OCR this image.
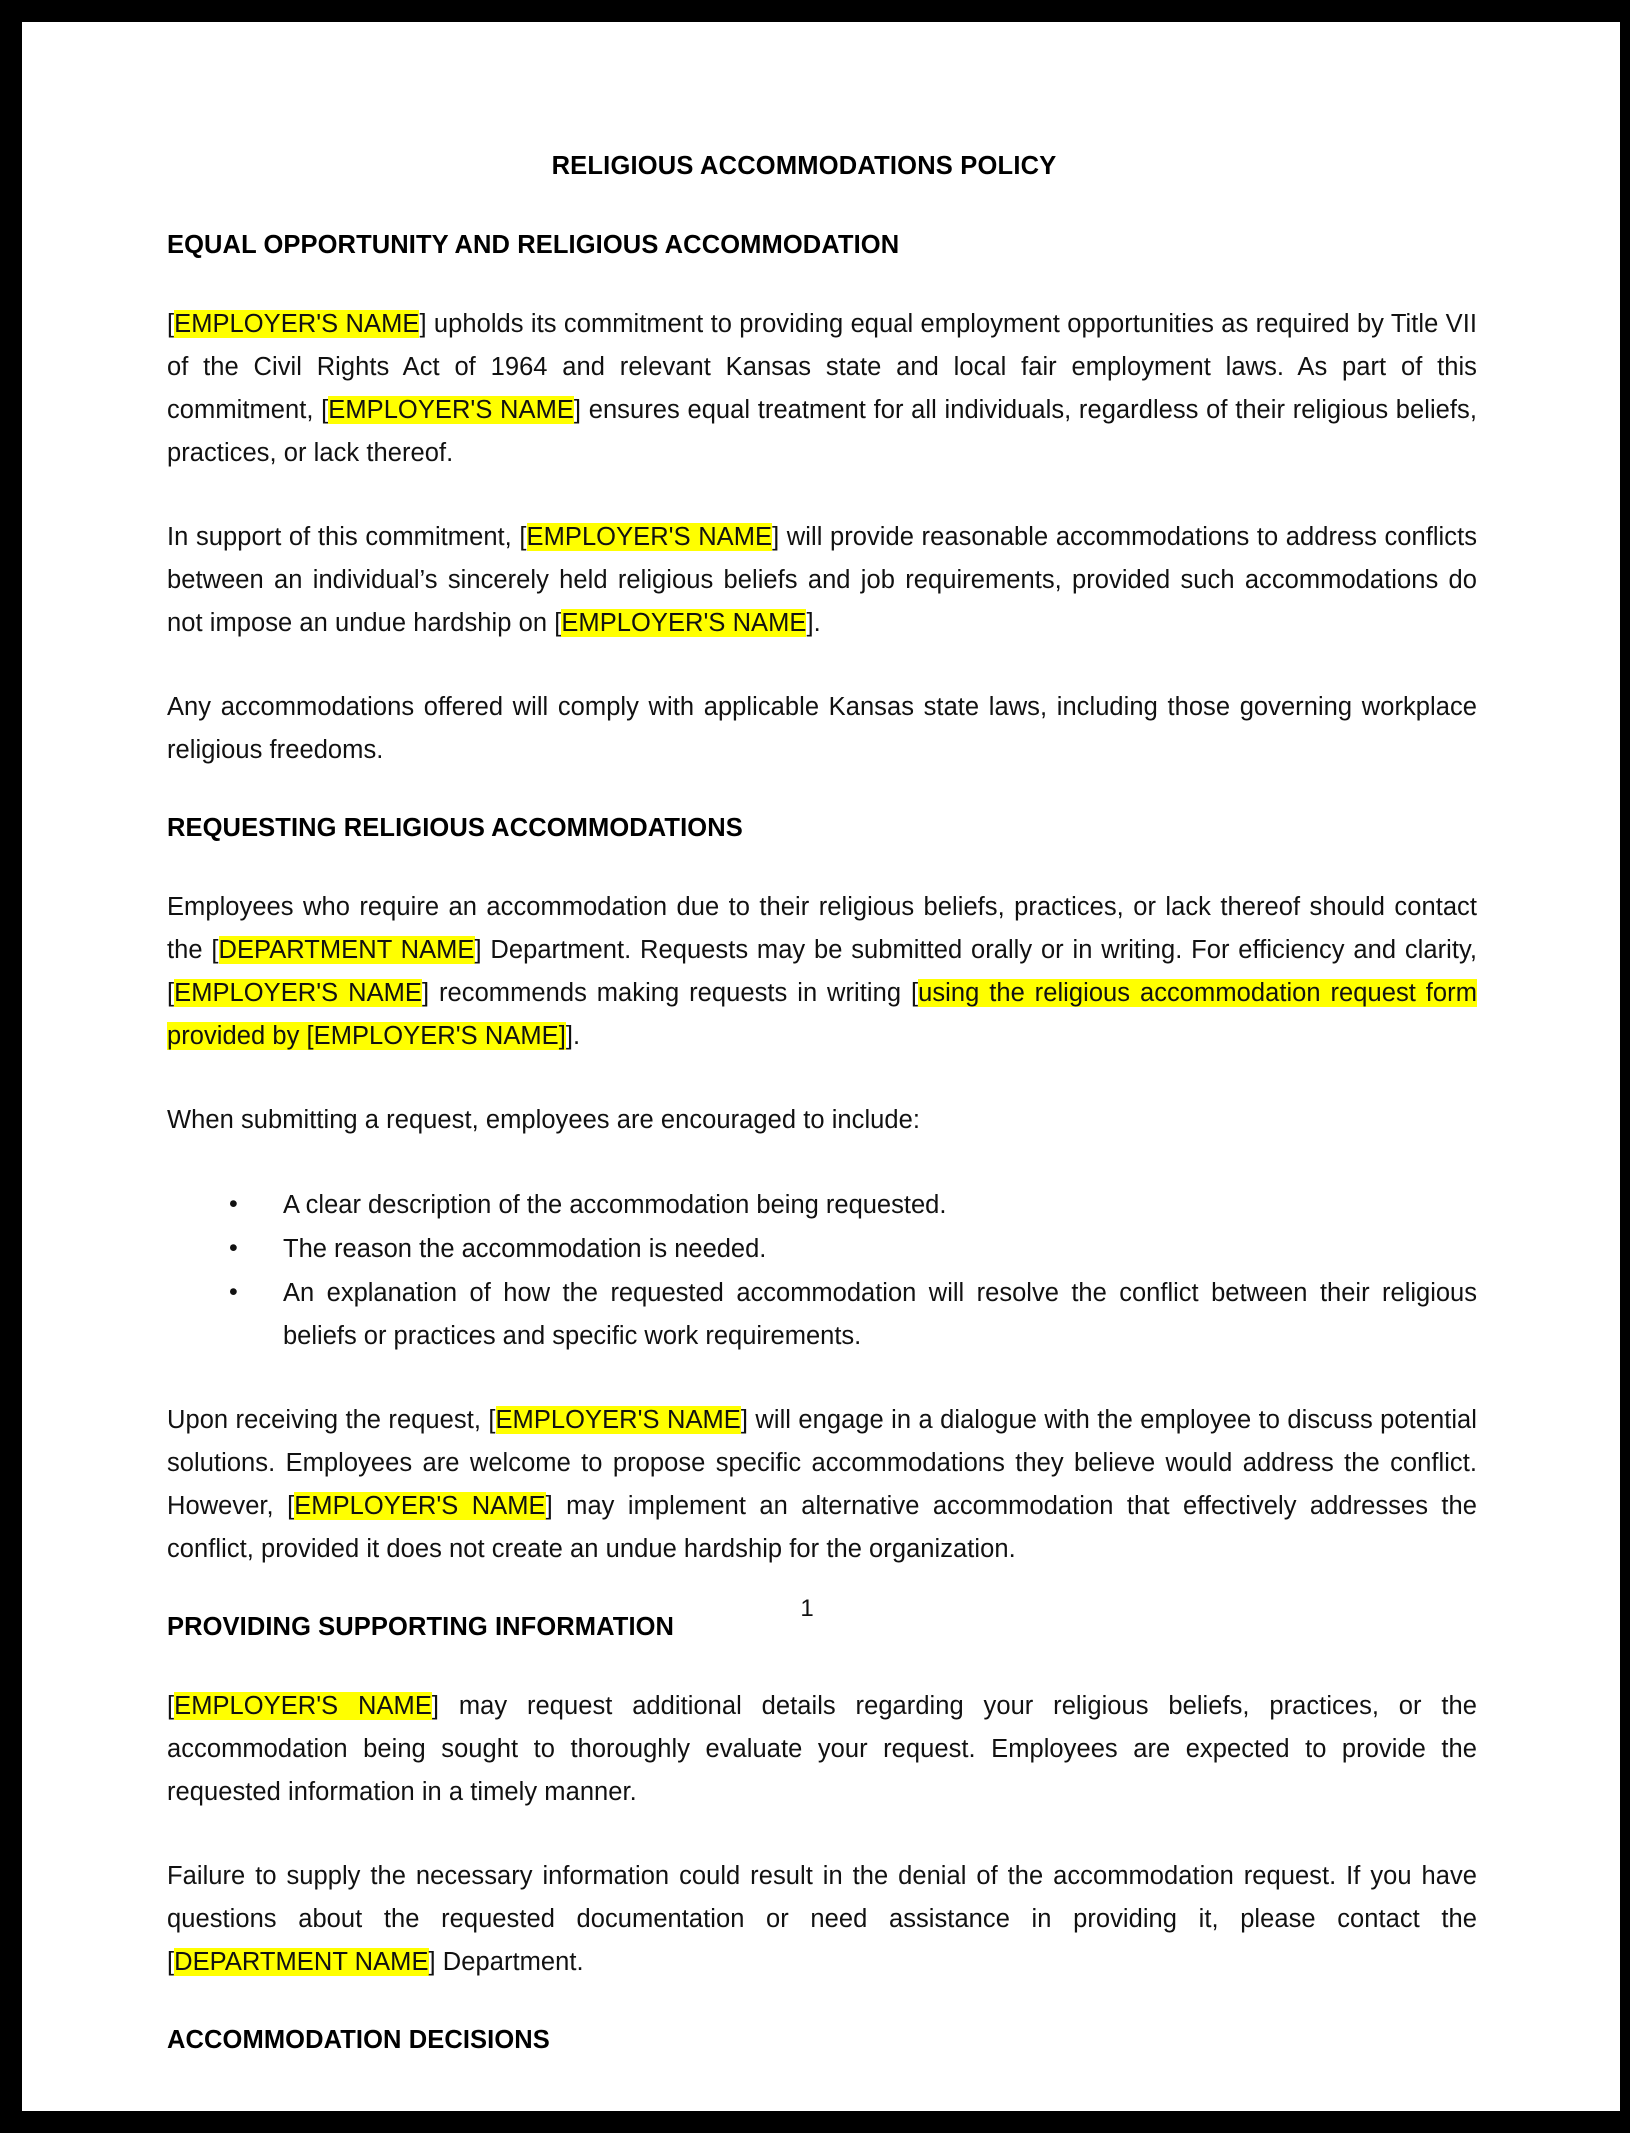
RELIGIOUS ACCOMMODATIONS POLICY
EQUAL OPPORTUNITY AND RELIGIOUS ACCOMMODATION

[EMPLOYER'S NAME] upholds its commitment to providing equal employment opportunities as required by Title VII of the Civil Rights Act of 1964 and relevant Kansas state and local fair employment laws. As part of this commitment, [EMPLOYER'S NAME] ensures equal treatment for all individuals, regardless of their religious beliefs, practices, or lack thereof.

In support of this commitment, [EMPLOYER'S NAME] will provide reasonable accommodations to address conflicts between an individual’s sincerely held religious beliefs and job requirements, provided such accommodations do not impose an undue hardship on [EMPLOYER'S NAME].

Any accommodations offered will comply with applicable Kansas state laws, including those governing workplace religious freedoms.

REQUESTING RELIGIOUS ACCOMMODATIONS

Employees who require an accommodation due to their religious beliefs, practices, or lack thereof should contact the [DEPARTMENT NAME] Department. Requests may be submitted orally or in writing. For efficiency and clarity, [EMPLOYER'S NAME] recommends making requests in writing [using the religious accommodation request form provided by [EMPLOYER'S NAME]].

When submitting a request, employees are encouraged to include:

• A clear description of the accommodation being requested.
• The reason the accommodation is needed.
• An explanation of how the requested accommodation will resolve the conflict between their religious beliefs or practices and specific work requirements.

Upon receiving the request, [EMPLOYER'S NAME] will engage in a dialogue with the employee to discuss potential solutions. Employees are welcome to propose specific accommodations they believe would address the conflict. However, [EMPLOYER'S NAME] may implement an alternative accommodation that effectively addresses the conflict, provided it does not create an undue hardship for the organization.

PROVIDING SUPPORTING INFORMATION

[EMPLOYER'S NAME] may request additional details regarding your religious beliefs, practices, or the accommodation being sought to thoroughly evaluate your request. Employees are expected to provide the requested information in a timely manner.

Failure to supply the necessary information could result in the denial of the accommodation request. If you have questions about the requested documentation or need assistance in providing it, please contact the [DEPARTMENT NAME] Department.

ACCOMMODATION DECISIONS
1
